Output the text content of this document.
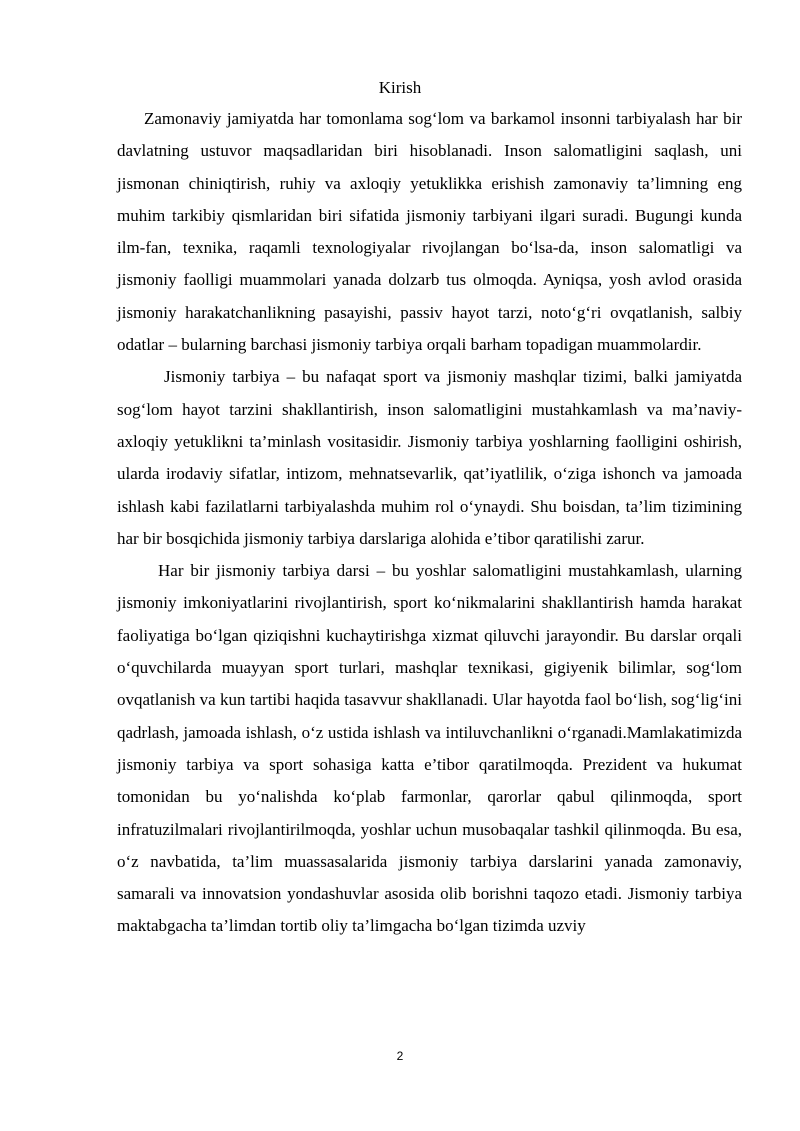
Kirish

Zamonaviy jamiyatda har tomonlama sog‘lom va barkamol insonni tarbiyalash har bir davlatning ustuvor maqsadlaridan biri hisoblanadi. Inson salomatligini saqlash, uni jismonan chiniqtirish, ruhiy va axloqiy yetuklikka erishish zamonaviy ta’limning eng muhim tarkibiy qismlaridan biri sifatida jismoniy tarbiyani ilgari suradi. Bugungi kunda ilm-fan, texnika, raqamli texnologiyalar rivojlangan bo‘lsa-da, inson salomatligi va jismoniy faolligi muammolari yanada dolzarb tus olmoqda. Ayniqsa, yosh avlod orasida jismoniy harakatchanlikning pasayishi, passiv hayot tarzi, noto‘g‘ri ovqatlanish, salbiy odatlar – bularning barchasi jismoniy tarbiya orqali barham topadigan muammolardir.

Jismoniy tarbiya – bu nafaqat sport va jismoniy mashqlar tizimi, balki jamiyatda sog‘lom hayot tarzini shakllantirish, inson salomatligini mustahkamlash va ma’naviy-axloqiy yetuklikni ta’minlash vositasidir. Jismoniy tarbiya yoshlarning faolligini oshirish, ularda irodaviy sifatlar, intizom, mehnatsevarlik, qat’iyatlilik, o‘ziga ishonch va jamoada ishlash kabi fazilatlarni tarbiyalashda muhim rol o‘ynaydi. Shu boisdan, ta’lim tizimining har bir bosqichida jismoniy tarbiya darslariga alohida e’tibor qaratilishi zarur.

Har bir jismoniy tarbiya darsi – bu yoshlar salomatligini mustahkamlash, ularning jismoniy imkoniyatlarini rivojlantirish, sport ko‘nikmalarini shakllantirish hamda harakat faoliyatiga bo‘lgan qiziqishni kuchaytirishga xizmat qiluvchi jarayondir. Bu darslar orqali o‘quvchilarda muayyan sport turlari, mashqlar texnikasi, gigiyenik bilimlar, sog‘lom ovqatlanish va kun tartibi haqida tasavvur shakllanadi. Ular hayotda faol bo‘lish, sog‘lig‘ini qadrlash, jamoada ishlash, o‘z ustida ishlash va intiluvchanlikni o‘rganadi.Mamlakatimizda jismoniy tarbiya va sport sohasiga katta e’tibor qaratilmoqda. Prezident va hukumat tomonidan bu yo‘nalishda ko‘plab farmonlar, qarorlar qabul qilinmoqda, sport infratuzilmalari rivojlantirilmoqda, yoshlar uchun musobaqalar tashkil qilinmoqda. Bu esa, o‘z navbatida, ta’lim muassasalarida jismoniy tarbiya darslarini yanada zamonaviy, samarali va innovatsion yondashuvlar asosida olib borishni taqozo etadi. Jismoniy tarbiya maktabgacha ta’limdan tortib oliy ta’limgacha bo‘lgan tizimda uzviy

2
